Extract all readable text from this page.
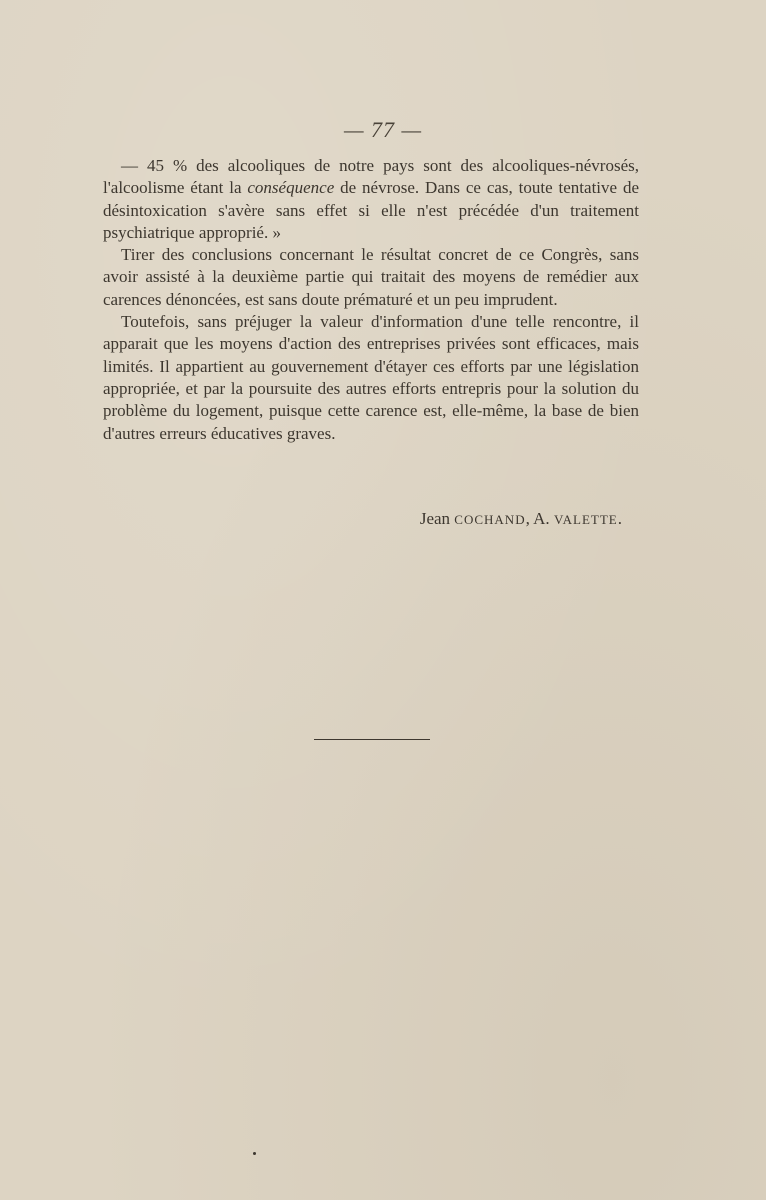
— 77 —

— 45 % des alcooliques de notre pays sont des alcooliques-névrosés, l'alcoolisme étant la conséquence de névrose. Dans ce cas, toute tentative de désintoxication s'avère sans effet si elle n'est précédée d'un traitement psychiatrique approprié. »

Tirer des conclusions concernant le résultat concret de ce Congrès, sans avoir assisté à la deuxième partie qui traitait des moyens de remédier aux carences dénoncées, est sans doute prématuré et un peu imprudent.

Toutefois, sans préjuger la valeur d'information d'une telle rencontre, il apparait que les moyens d'action des entreprises privées sont efficaces, mais limités. Il appartient au gouvernement d'étayer ces efforts par une législation appropriée, et par la poursuite des autres efforts entrepris pour la solution du problème du logement, puisque cette carence est, elle-même, la base de bien d'autres erreurs éducatives graves.

Jean COCHAND, A. VALETTE.
